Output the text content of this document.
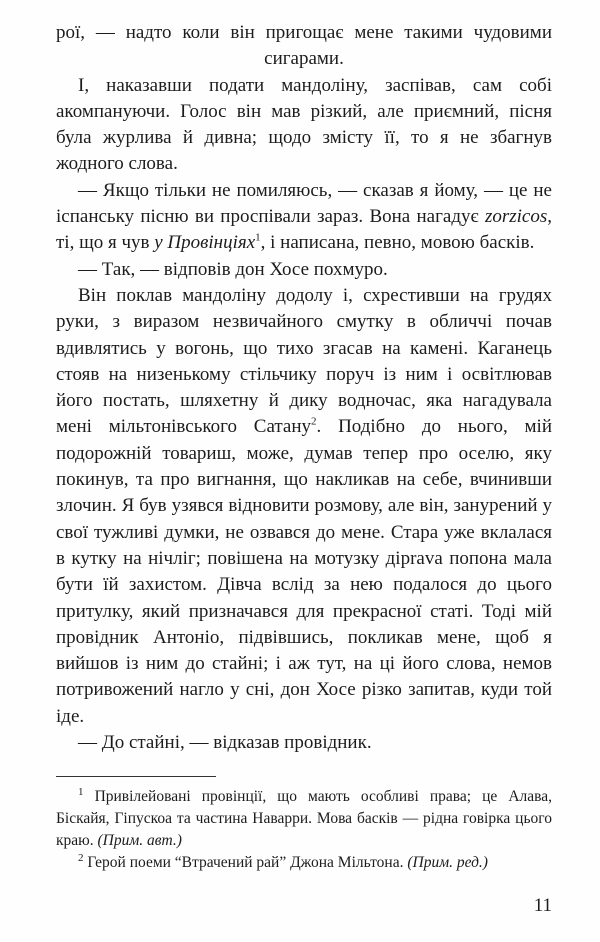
рої, — надто коли він пригощає мене такими чудовими сигарами.

І, наказавши подати мандоліну, заспівав, сам собі акомпануючи. Голос він мав різкий, але приємний, пісня була журлива й дивна; щодо змісту її, то я не збагнув жодного слова.

— Якщо тільки не помиляюсь, — сказав я йому, — це не іспанську пісню ви проспівали зараз. Вона нагадує zorzicos, ті, що я чув у Провінціях$^1$, і написана, певно, мовою басків.

— Так, — відповів дон Хосе похмуро.

Він поклав мандоліну додолу і, схрестивши на грудях руки, з виразом незвичайного смутку в обличчі почав вдивлятись у вогонь, що тихо згасав на камені. Каганець стояв на низенькому стільчику поруч із ним і освітлював його постать, шляхетну й дику водночас, яка нагадувала мені мільтонівського Сатану$^2$. Подібно до нього, мій подорожній товариш, може, думав тепер про оселю, яку покинув, та про вигнання, що накликав на себе, вчинивши злочин. Я був узявся відновити розмову, але він, занурений у свої тужливі думки, не озвався до мене. Стара уже вклалася в кутку на нічліг; повішена на мотузку діprava попона мала бути їй захистом. Дівча вслід за нею подалося до цього притулку, який призначався для прекрасної статі. Тоді мій провідник Антоніо, підвівшись, покликав мене, щоб я вийшов із ним до стайні; і аж тут, на ці його слова, немов потривожений нагло у сні, дон Хосе різко запитав, куди той іде.

— До стайні, — відказав провідник.

$^1$ Привілейовані провінції, що мають особливі права; це Алава, Біскайя, Гіпускоа та частина Наварри. Мова басків — рідна говірка цього краю. (Прим. авт.)

$^2$ Герой поеми “Втрачений рай” Джона Мільтона. (Прим. ред.)

11
